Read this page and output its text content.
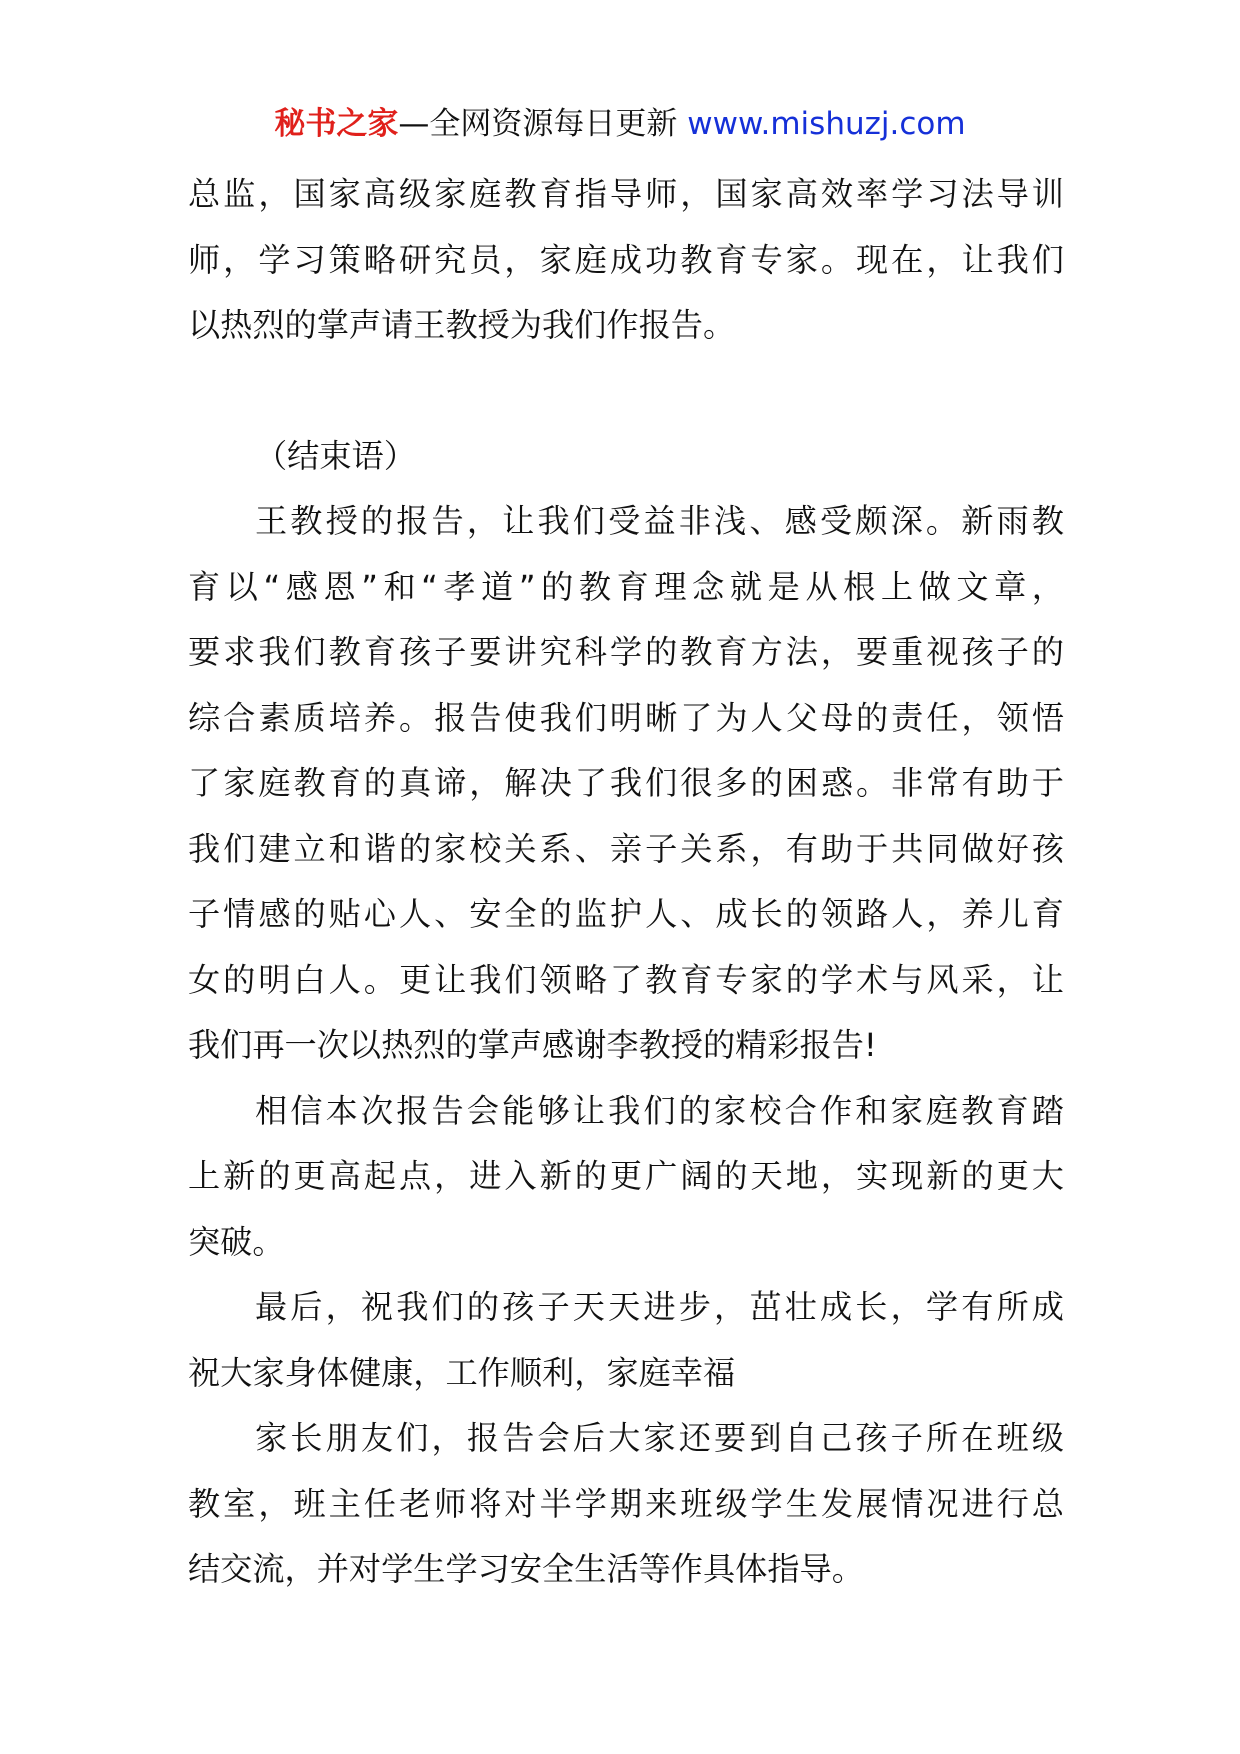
秘书之家—全网资源每日更新 www.mishuzj.com
总监，国家高级家庭教育指导师，国家高效率学习法导训
师，学习策略研究员，家庭成功教育专家。现在，让我们
以热烈的掌声请王教授为我们作报告。
（结束语）
王教授的报告，让我们受益非浅、感受颇深。新雨教
育以“感恩”和“孝道”的教育理念就是从根上做文章，
要求我们教育孩子要讲究科学的教育方法，要重视孩子的
综合素质培养。报告使我们明晰了为人父母的责任，领悟
了家庭教育的真谛，解决了我们很多的困惑。非常有助于
我们建立和谐的家校关系、亲子关系，有助于共同做好孩
子情感的贴心人、安全的监护人、成长的领路人，养儿育
女的明白人。更让我们领略了教育专家的学术与风采，让
我们再一次以热烈的掌声感谢李教授的精彩报告!
相信本次报告会能够让我们的家校合作和家庭教育踏
上新的更高起点，进入新的更广阔的天地，实现新的更大
突破。
最后，祝我们的孩子天天进步，茁壮成长，学有所成
祝大家身体健康，工作顺利，家庭幸福
家长朋友们，报告会后大家还要到自己孩子所在班级
教室，班主任老师将对半学期来班级学生发展情况进行总
结交流，并对学生学习安全生活等作具体指导。
